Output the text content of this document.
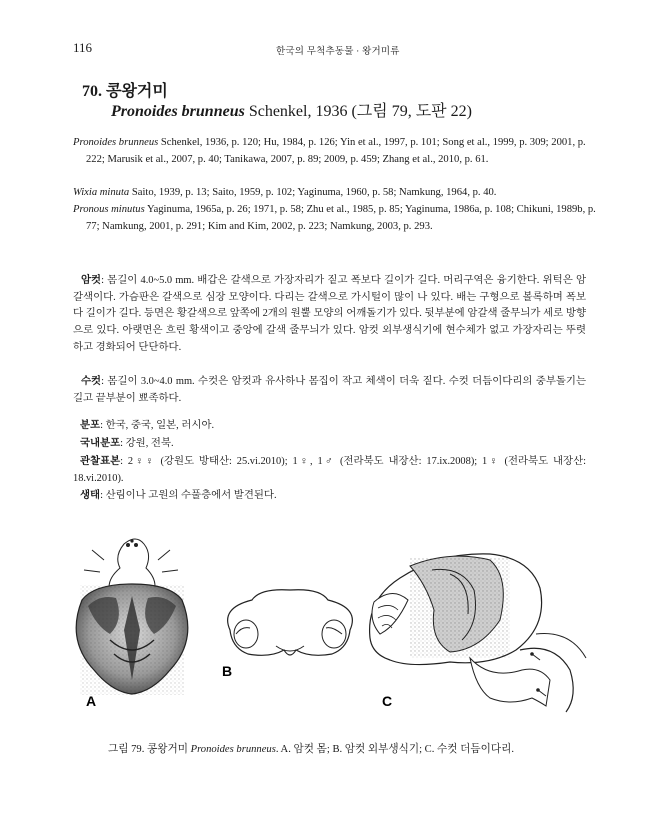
116	한국의 무척추동물 · 왕거미류
70. 콩왕거미
Pronoides brunneus Schenkel, 1936 (그림 79, 도판 22)
Pronoides brunneus Schenkel, 1936, p. 120; Hu, 1984, p. 126; Yin et al., 1997, p. 101; Song et al., 1999, p. 309; 2001, p. 222; Marusik et al., 2007, p. 40; Tanikawa, 2007, p. 89; 2009, p. 459; Zhang et al., 2010, p. 61.
Wixia minuta Saito, 1939, p. 13; Saito, 1959, p. 102; Yaginuma, 1960, p. 58; Namkung, 1964, p. 40.
Pronous minutus Yaginuma, 1965a, p. 26; 1971, p. 58; Zhu et al., 1985, p. 85; Yaginuma, 1986a, p. 108; Chikuni, 1989b, p. 77; Namkung, 2001, p. 291; Kim and Kim, 2002, p. 223; Namkung, 2003, p. 293.

암컷: 몸길이 4.0~5.0 mm. 배갑은 갈색으로 가장자리가 짙고 폭보다 길이가 길다. 머리구역은 융기한다. 위턱은 암갈색이다. 가슴판은 갈색으로 심장 모양이다. 다리는 갈색으로 가시털이 많이 나 있다. 배는 구형으로 볼록하며 폭보다 길이가 길다. 등면은 황갈색으로 앞쪽에 2개의 원뿔 모양의 어깨돌기가 있다. 뒷부분에 암갈색 줄무늬가 세로 방향으로 있다. 아랫면은 흐린 황색이고 중앙에 갈색 줄무늬가 있다. 암컷 외부생식기에 현수체가 없고 가장자리는 뚜렷하고 경화되어 단단하다.

수컷: 몸길이 3.0~4.0 mm. 수컷은 암컷과 유사하나 몸집이 작고 체색이 더욱 짙다. 수컷 더듬이다리의 중부돌기는 길고 끝부분이 뾰족하다.

분포: 한국, 중국, 일본, 러시아.
국내분포: 강원, 전북.
관찰표본: 2♀♀ (강원도 방태산: 25.vi.2010); 1♀, 1♂ (전라북도 내장산: 17.ix.2008); 1♀ (전라북도 내장산: 18.vi.2010).
생태: 산림이나 고원의 수풀층에서 발견된다.
A
B
C
그림 79. 콩왕거미 Pronoides brunneus. A. 암컷 몸; B. 암컷 외부생식기; C. 수컷 더듬이다리.
